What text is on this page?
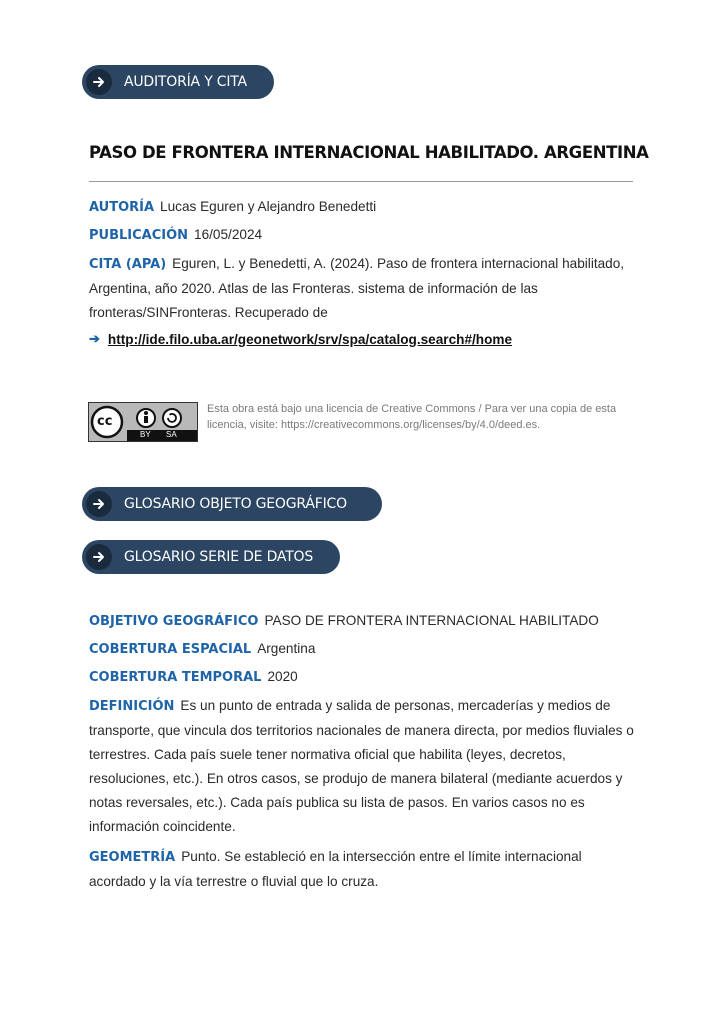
AUDITORÍA Y CITA
PASO DE FRONTERA INTERNACIONAL HABILITADO. ARGENTINA
AUTORÍA Lucas Eguren y Alejandro Benedetti
PUBLICACIÓN 16/05/2024
CITA (APA) Eguren, L. y Benedetti, A. (2024). Paso de frontera internacional habilitado, Argentina, año 2020. Atlas de las Fronteras. sistema de información de las fronteras/SINFronteras. Recuperado de
➔ http://ide.filo.uba.ar/geonetwork/srv/spa/catalog.search#/home
cc
BY SA
Esta obra está bajo una licencia de Creative Commons / Para ver una copia de esta licencia, visite: https://creativecommons.org/licenses/by/4.0/deed.es.
GLOSARIO OBJETO GEOGRÁFICO
GLOSARIO SERIE DE DATOS
OBJETIVO GEOGRÁFICO PASO DE FRONTERA INTERNACIONAL HABILITADO
COBERTURA ESPACIAL Argentina
COBERTURA TEMPORAL 2020
DEFINICIÓN Es un punto de entrada y salida de personas, mercaderías y medios de transporte, que vincula dos territorios nacionales de manera directa, por medios fluviales o terrestres. Cada país suele tener normativa oficial que habilita (leyes, decretos, resoluciones, etc.). En otros casos, se produjo de manera bilateral (mediante acuerdos y notas reversales, etc.). Cada país publica su lista de pasos. En varios casos no es información coincidente.
GEOMETRÍA Punto. Se estableció en la intersección entre el límite internacional acordado y la vía terrestre o fluvial que lo cruza.
